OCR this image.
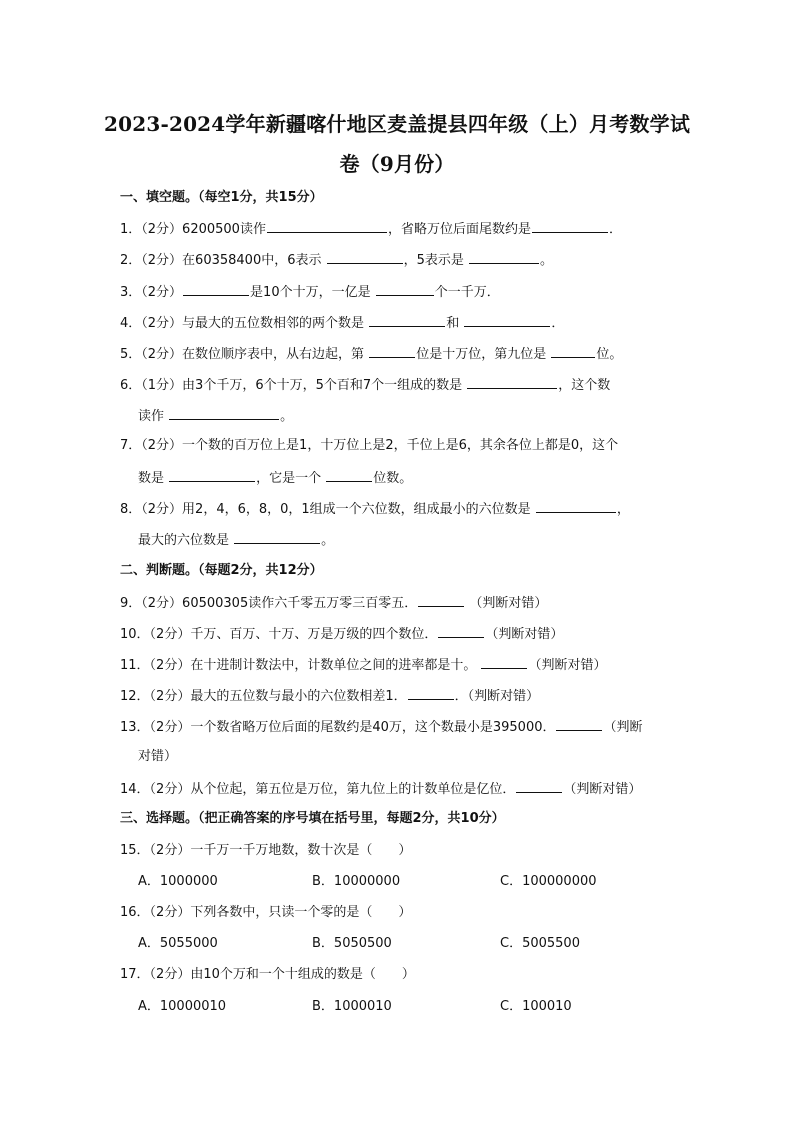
2023-2024学年新疆喀什地区麦盖提县四年级（上）月考数学试
卷（9月份）
一、填空题。（每空1分，共15分）
1．（2分）6200500读作	，省略万位后面尾数约是	．
2．（2分）在60358400中，6表示	，5表示是	。
3．（2分）	是10个十万，一亿是	个一千万．
4．（2分）与最大的五位数相邻的两个数是	和	．
5．（2分）在数位顺序表中，从右边起，第	位是十万位，第九位是	位。
6．（1分）由3个千万，6个十万，5个百和7个一组成的数是	，这个数
读作	。
7．（2分）一个数的百万位上是1，十万位上是2，千位上是6，其余各位上都是0，这个
数是	，它是一个	位数。
8．（2分）用2，4，6，8，0，1组成一个六位数，组成最小的六位数是	，
最大的六位数是	。
二、判断题。（每题2分，共12分）
9．（2分）60500305读作六千零五万零三百零五．	（判断对错）
10．（2分）千万、百万、十万、万是万级的四个数位．	（判断对错）
11．（2分）在十进制计数法中，计数单位之间的进率都是十。	（判断对错）
12．（2分）最大的五位数与最小的六位数相差1．	．（判断对错）
13．（2分）一个数省略万位后面的尾数约是40万，这个数最小是395000．	（判断
对错）
14．（2分）从个位起，第五位是万位，第九位上的计数单位是亿位．	（判断对错）
三、选择题。（把正确答案的序号填在括号里，每题2分，共10分）
15．（2分）一千万一千万地数，数十次是（　　）
A．1000000	B．10000000	C．100000000
16．（2分）下列各数中，只读一个零的是（　　）
A．5055000	B．5050500	C．5005500
17．（2分）由10个万和一个十组成的数是（　　）
A．10000010	B．1000010	C．100010
